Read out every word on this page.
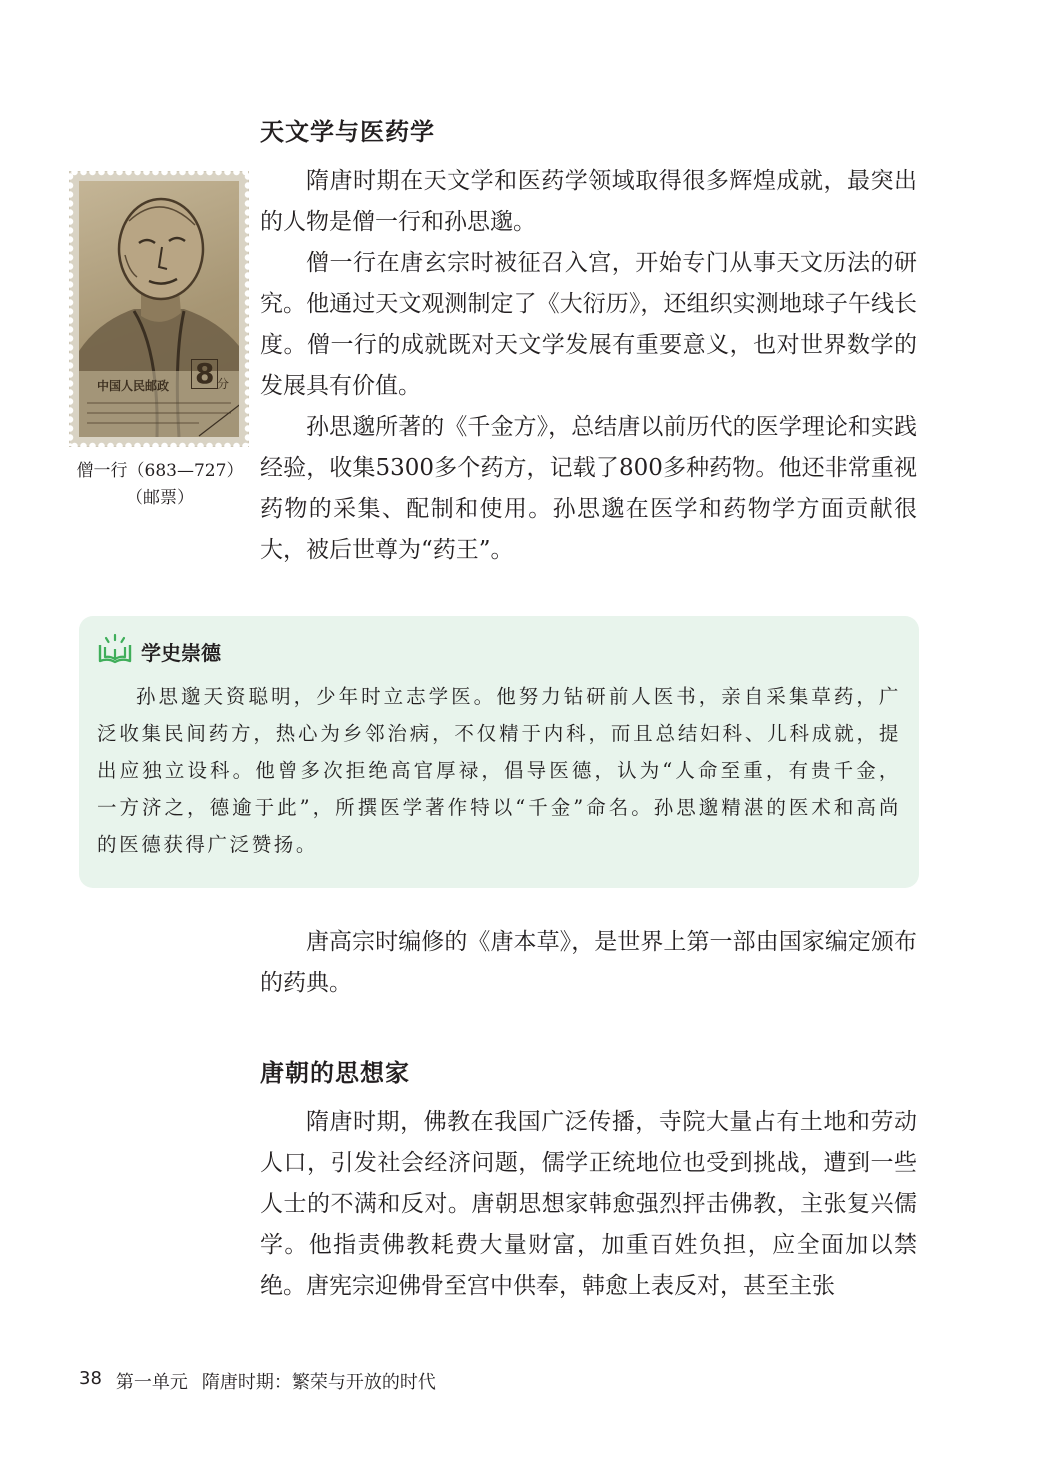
天文学与医药学
中国人民邮政 8 分
僧一行（683—727）
（邮票）

隋唐时期在天文学和医药学领域取得很多辉煌成就，最突出的人物是僧一行和孙思邈。

僧一行在唐玄宗时被征召入宫，开始专门从事天文历法的研究。他通过天文观测制定了《大衍历》，还组织实测地球子午线长度。僧一行的成就既对天文学发展有重要意义，也对世界数学的发展具有价值。

孙思邈所著的《千金方》，总结唐以前历代的医学理论和实践经验，收集5300多个药方，记载了800多种药物。他还非常重视药物的采集、配制和使用。孙思邈在医学和药物学方面贡献很大，被后世尊为“药王”。

学史崇德

孙思邈天资聪明，少年时立志学医。他努力钻研前人医书，亲自采集草药，广泛收集民间药方，热心为乡邻治病，不仅精于内科，而且总结妇科、儿科成就，提出应独立设科。他曾多次拒绝高官厚禄，倡导医德，认为“人命至重，有贵千金，一方济之，德逾于此”，所撰医学著作特以“千金”命名。孙思邈精湛的医术和高尚的医德获得广泛赞扬。

唐高宗时编修的《唐本草》，是世界上第一部由国家编定颁布的药典。

唐朝的思想家

隋唐时期，佛教在我国广泛传播，寺院大量占有土地和劳动人口，引发社会经济问题，儒学正统地位也受到挑战，遭到一些人士的不满和反对。唐朝思想家韩愈强烈抨击佛教，主张复兴儒学。他指责佛教耗费大量财富，加重百姓负担，应全面加以禁绝。唐宪宗迎佛骨至宫中供奉，韩愈上表反对，甚至主张

38 第一单元 隋唐时期：繁荣与开放的时代
